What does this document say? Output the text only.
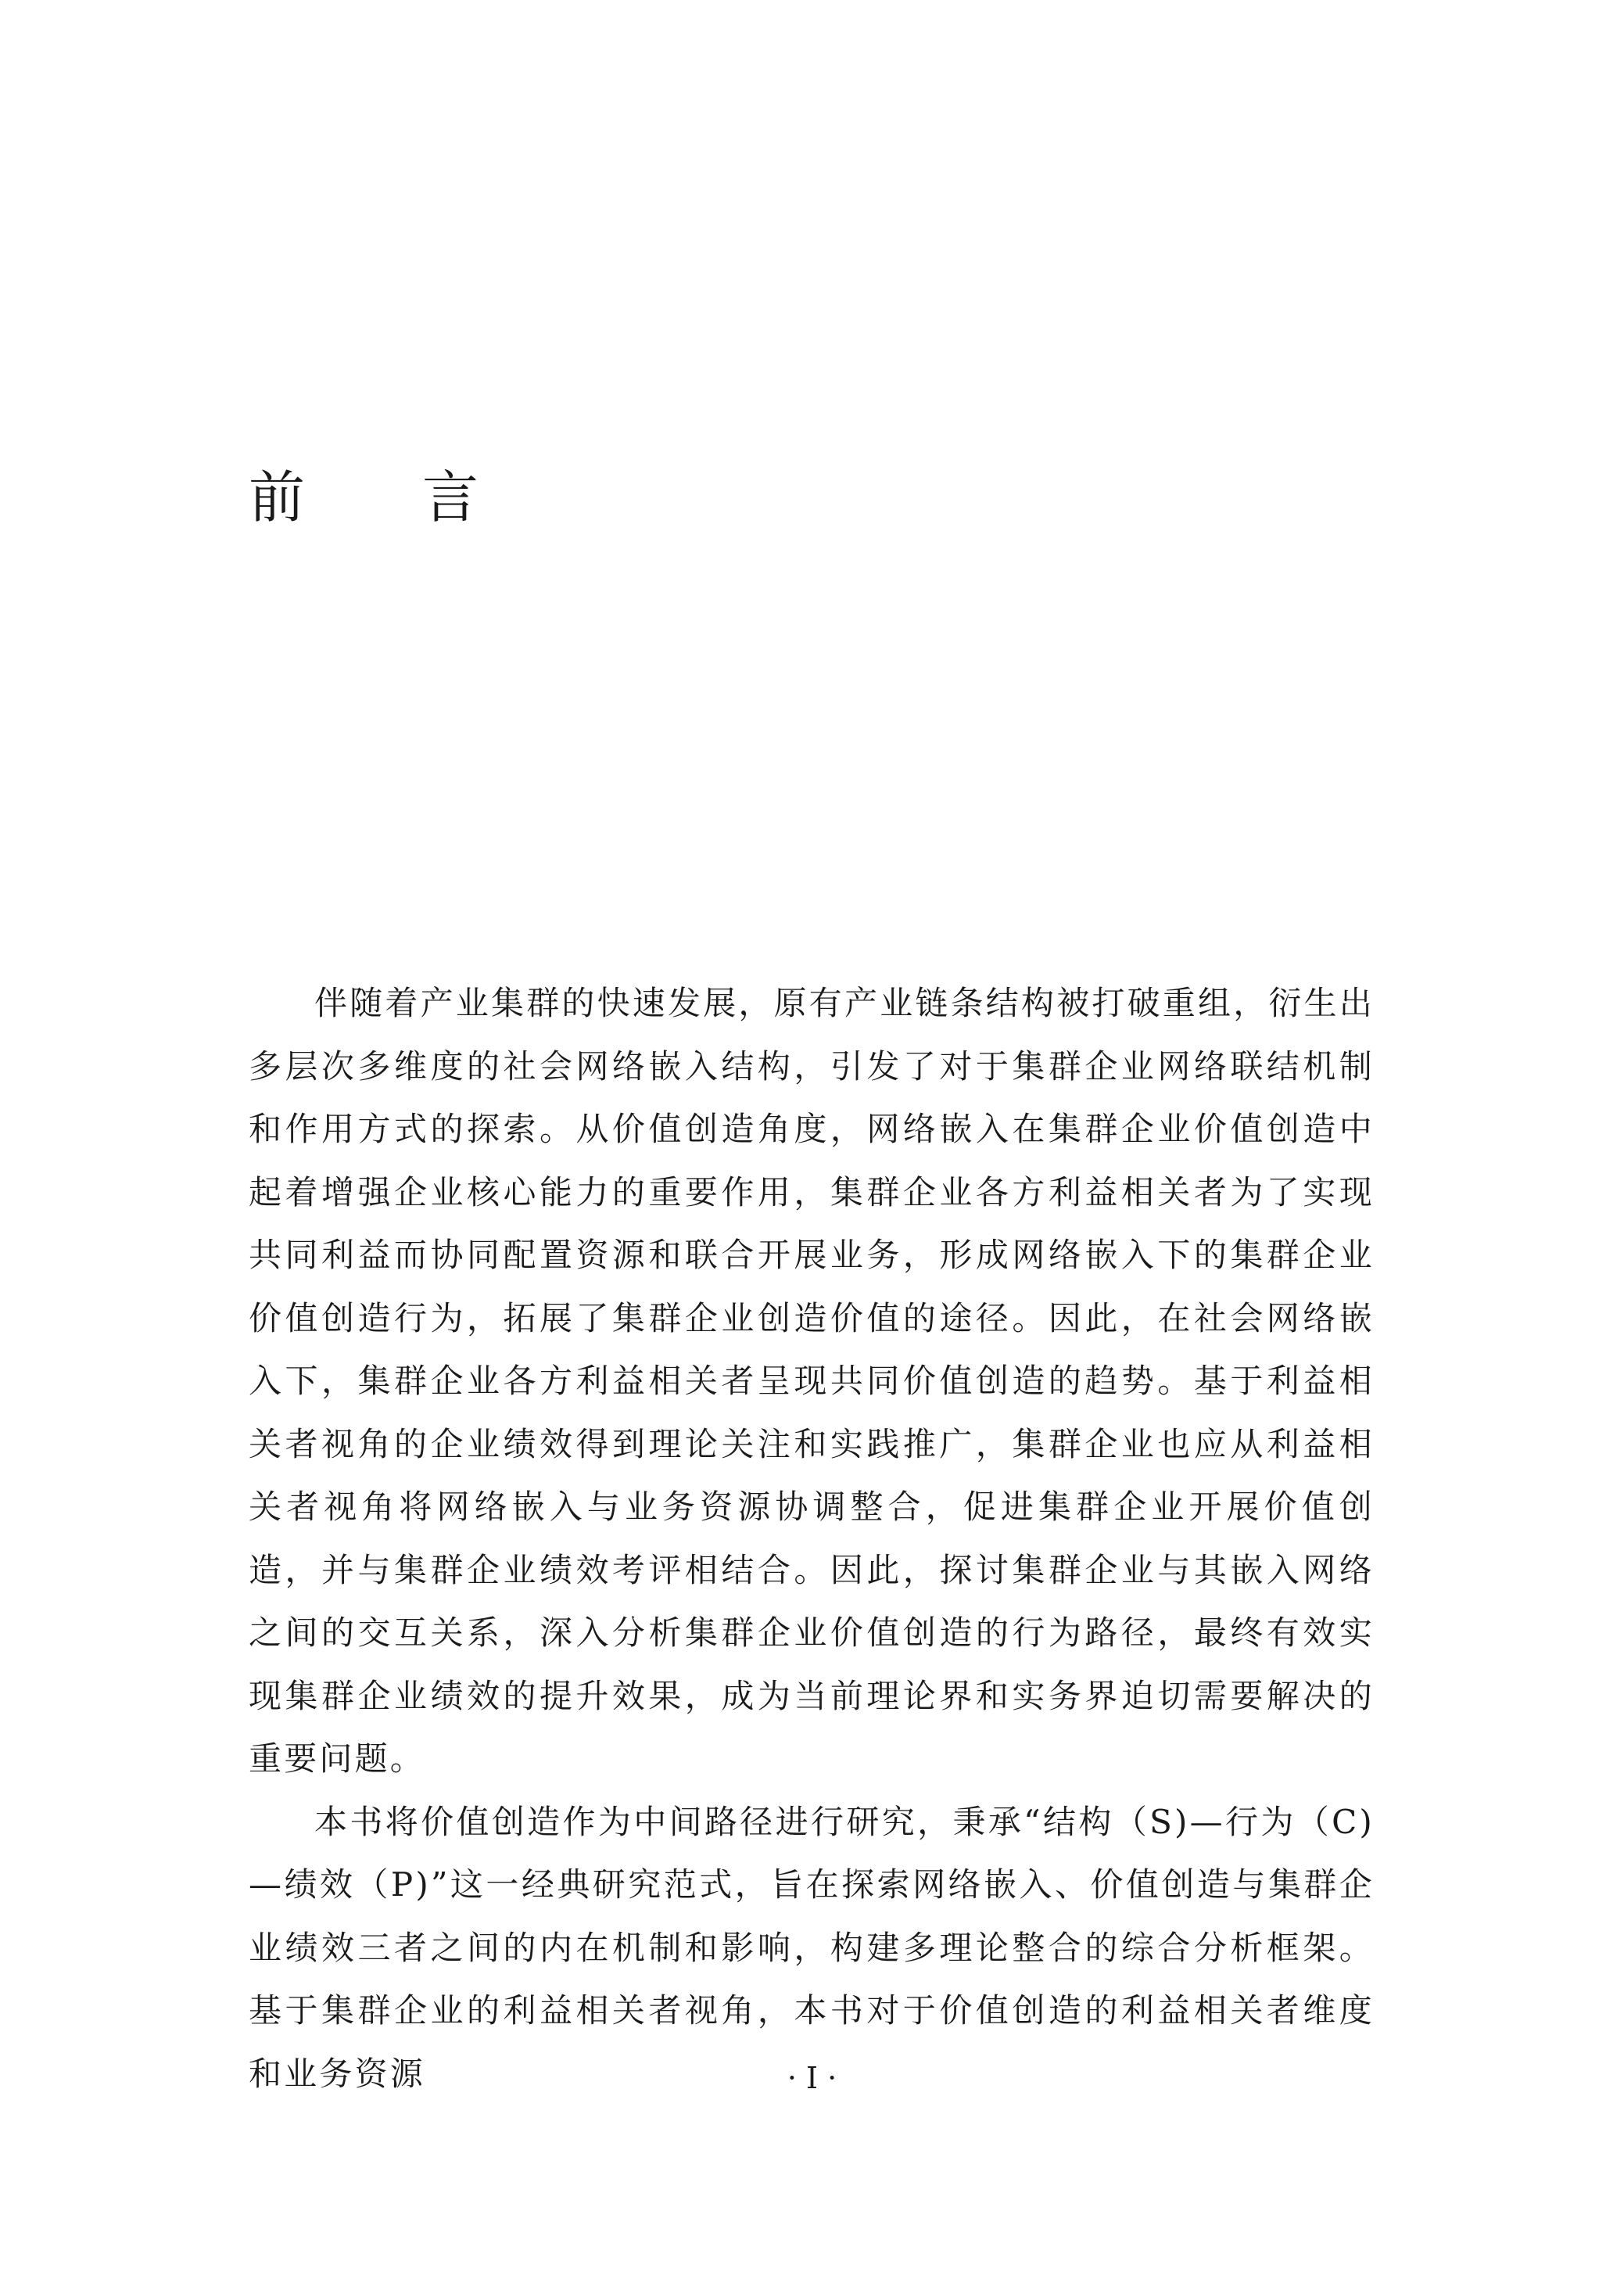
前言

伴随着产业集群的快速发展，原有产业链条结构被打破重组，衍生出多层次多维度的社会网络嵌入结构，引发了对于集群企业网络联结机制和作用方式的探索。从价值创造角度，网络嵌入在集群企业价值创造中起着增强企业核心能力的重要作用，集群企业各方利益相关者为了实现共同利益而协同配置资源和联合开展业务，形成网络嵌入下的集群企业价值创造行为，拓展了集群企业创造价值的途径。因此，在社会网络嵌入下，集群企业各方利益相关者呈现共同价值创造的趋势。基于利益相关者视角的企业绩效得到理论关注和实践推广，集群企业也应从利益相关者视角将网络嵌入与业务资源协调整合，促进集群企业开展价值创造，并与集群企业绩效考评相结合。因此，探讨集群企业与其嵌入网络之间的交互关系，深入分析集群企业价值创造的行为路径，最终有效实现集群企业绩效的提升效果，成为当前理论界和实务界迫切需要解决的重要问题。

本书将价值创造作为中间路径进行研究，秉承“结构（S)—行为（C)—绩效（P)”这一经典研究范式，旨在探索网络嵌入、价值创造与集群企业绩效三者之间的内在机制和影响，构建多理论整合的综合分析框架。基于集群企业的利益相关者视角，本书对于价值创造的利益相关者维度和业务资源	· I ·
